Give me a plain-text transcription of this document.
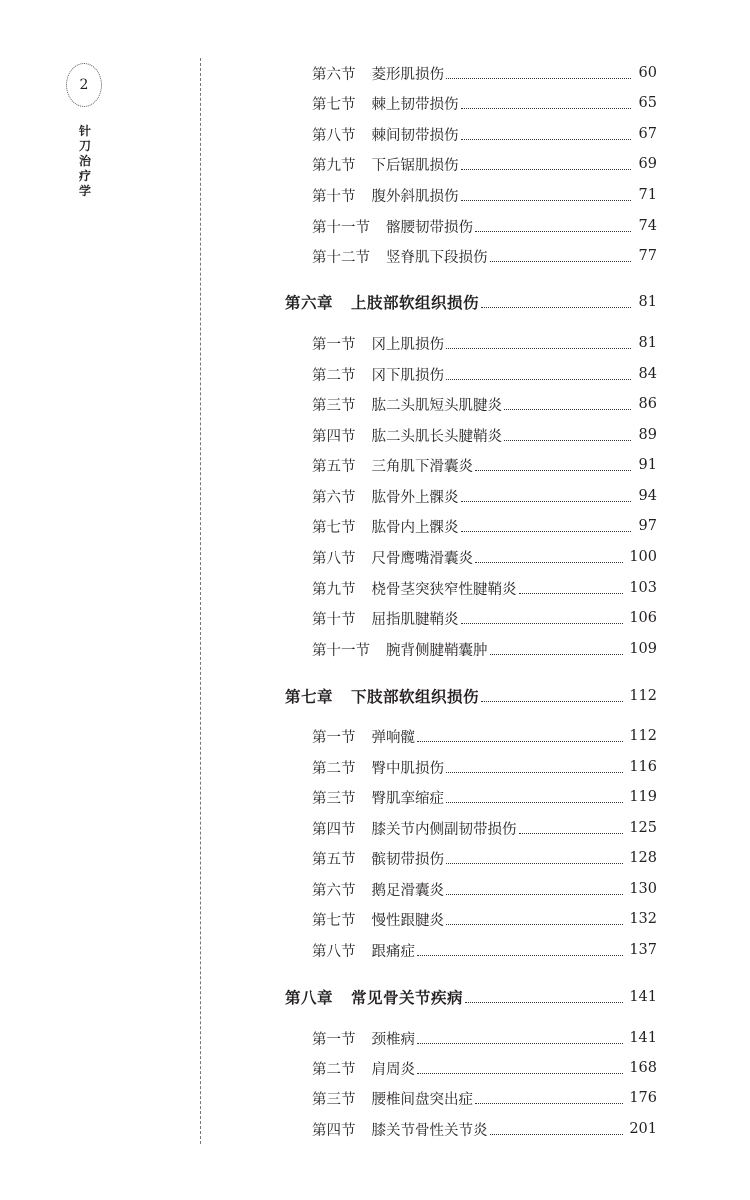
2
针刀治疗学
第六节 菱形肌损伤	60
第七节 棘上韧带损伤	65
第八节 棘间韧带损伤	67
第九节 下后锯肌损伤	69
第十节 腹外斜肌损伤	71
第十一节 髂腰韧带损伤	74
第十二节 竖脊肌下段损伤	77
第六章 上肢部软组织损伤	81
第一节 冈上肌损伤	81
第二节 冈下肌损伤	84
第三节 肱二头肌短头肌腱炎	86
第四节 肱二头肌长头腱鞘炎	89
第五节 三角肌下滑囊炎	91
第六节 肱骨外上髁炎	94
第七节 肱骨内上髁炎	97
第八节 尺骨鹰嘴滑囊炎	100
第九节 桡骨茎突狭窄性腱鞘炎	103
第十节 屈指肌腱鞘炎	106
第十一节 腕背侧腱鞘囊肿	109
第七章 下肢部软组织损伤	112
第一节 弹响髋	112
第二节 臀中肌损伤	116
第三节 臀肌挛缩症	119
第四节 膝关节内侧副韧带损伤	125
第五节 髌韧带损伤	128
第六节 鹅足滑囊炎	130
第七节 慢性跟腱炎	132
第八节 跟痛症	137
第八章 常见骨关节疾病	141
第一节 颈椎病	141
第二节 肩周炎	168
第三节 腰椎间盘突出症	176
第四节 膝关节骨性关节炎	201
